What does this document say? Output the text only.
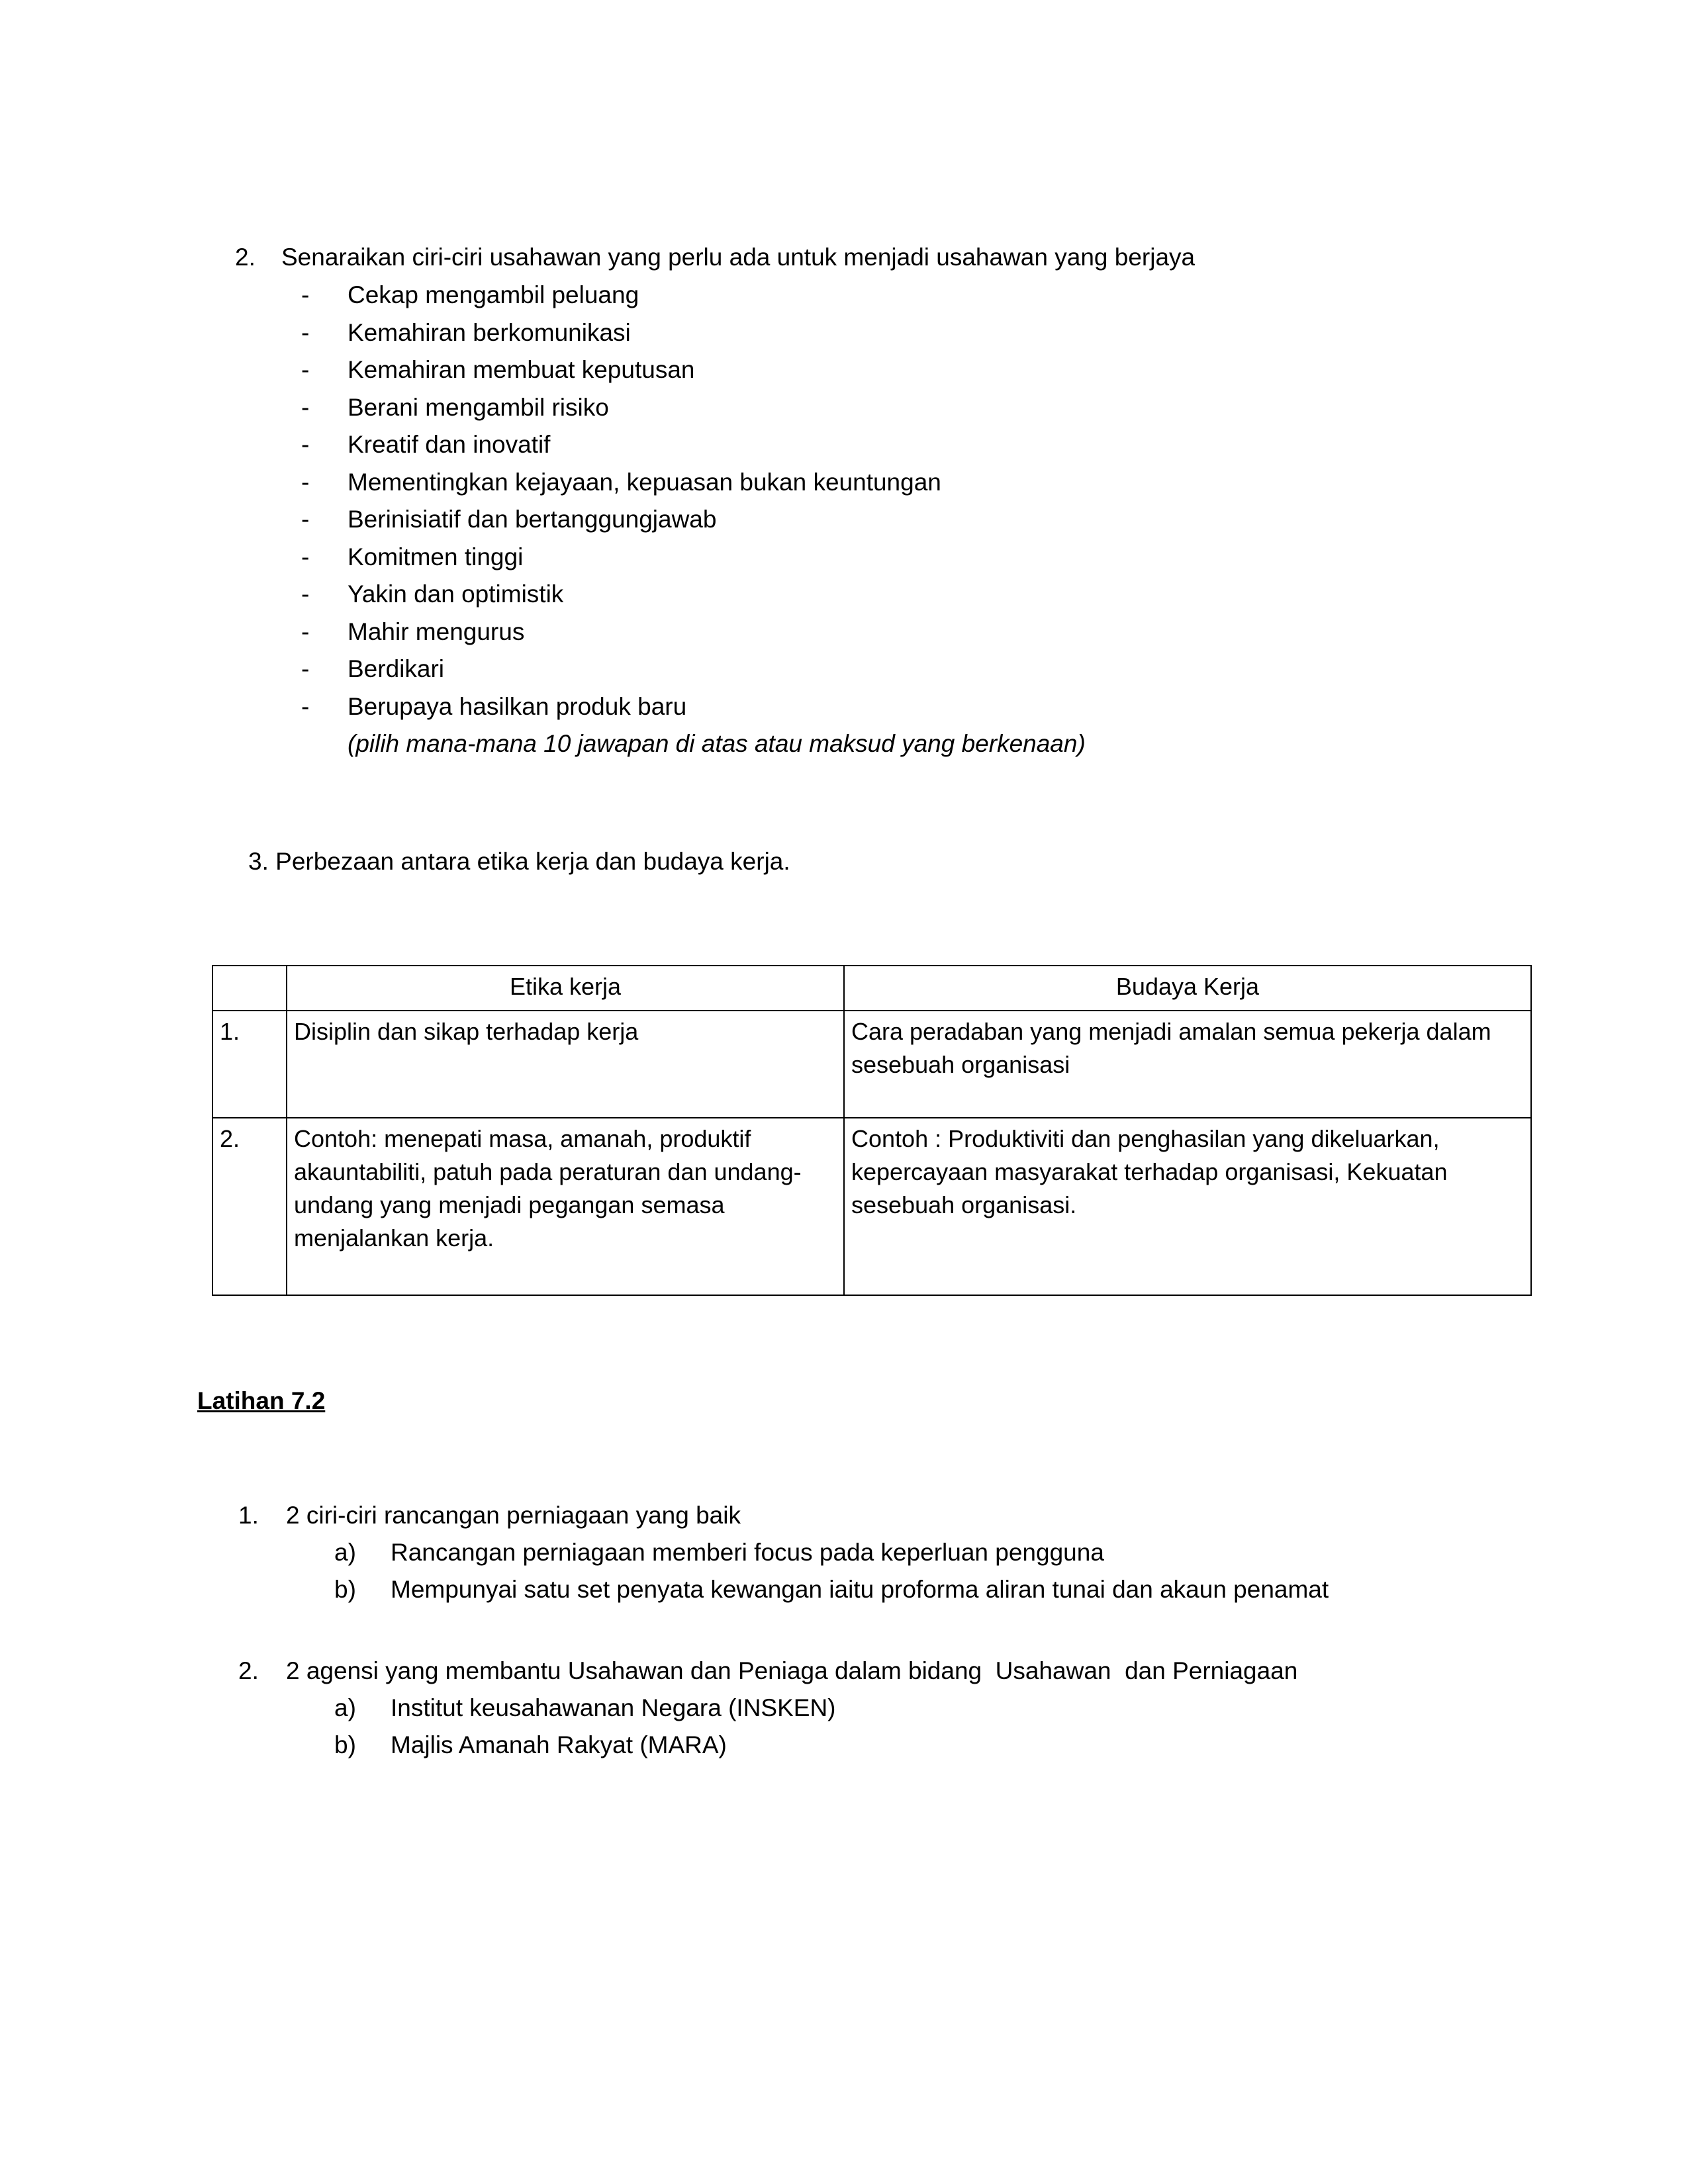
2.	Senaraikan ciri-ciri usahawan yang perlu ada untuk menjadi usahawan yang berjaya
-	Cekap mengambil peluang
-	Kemahiran berkomunikasi
-	Kemahiran membuat keputusan
-	Berani mengambil risiko
-	Kreatif dan inovatif
-	Mementingkan kejayaan, kepuasan bukan keuntungan
-	Berinisiatif dan bertanggungjawab
-	Komitmen tinggi
-	Yakin dan optimistik
-	Mahir mengurus
-	Berdikari
-	Berupaya hasilkan produk baru
(pilih mana-mana 10 jawapan di atas atau maksud yang berkenaan)
3. Perbezaan antara etika kerja dan budaya kerja.
	Etika kerja	Budaya Kerja
1.	Disiplin dan sikap terhadap kerja	Cara peradaban yang menjadi amalan semua pekerja dalam sesebuah organisasi

2.	Contoh: menepati masa, amanah, produktif akauntabiliti, patuh pada peraturan dan undang-undang yang menjadi pegangan semasa menjalankan kerja.	Contoh : Produktiviti dan penghasilan yang dikeluarkan, kepercayaan masyarakat terhadap organisasi, Kekuatan sesebuah organisasi.
Latihan 7.2
1.	2 ciri-ciri rancangan perniagaan yang baik
a)	Rancangan perniagaan memberi focus pada keperluan pengguna
b)	Mempunyai satu set penyata kewangan iaitu proforma aliran tunai dan akaun penamat
2.	2 agensi yang membantu Usahawan dan Peniaga dalam bidang  Usahawan  dan Perniagaan
a)	Institut keusahawanan Negara (INSKEN)
b)	Majlis Amanah Rakyat (MARA)
